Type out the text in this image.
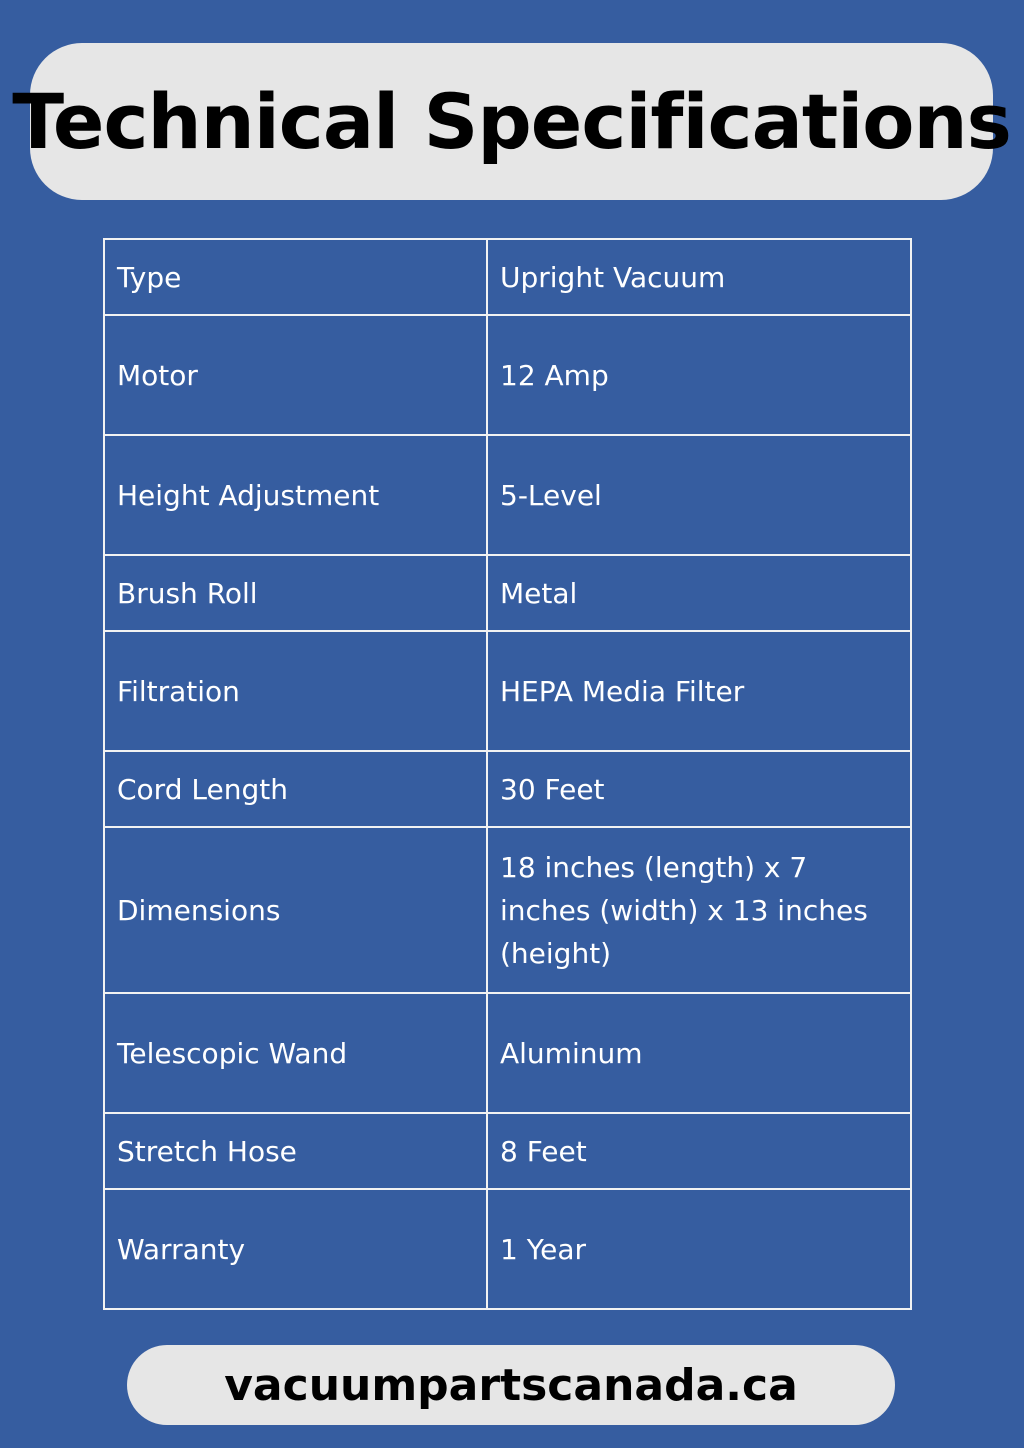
Technical Specifications
Type	Upright Vacuum
Motor	12 Amp
Height Adjustment	5-Level
Brush Roll	Metal
Filtration	HEPA Media Filter
Cord Length	30 Feet
Dimensions	18 inches (length) x 7 inches (width) x 13 inches (height)
Telescopic Wand	Aluminum
Stretch Hose	8 Feet
Warranty	1 Year
vacuumpartscanada.ca
